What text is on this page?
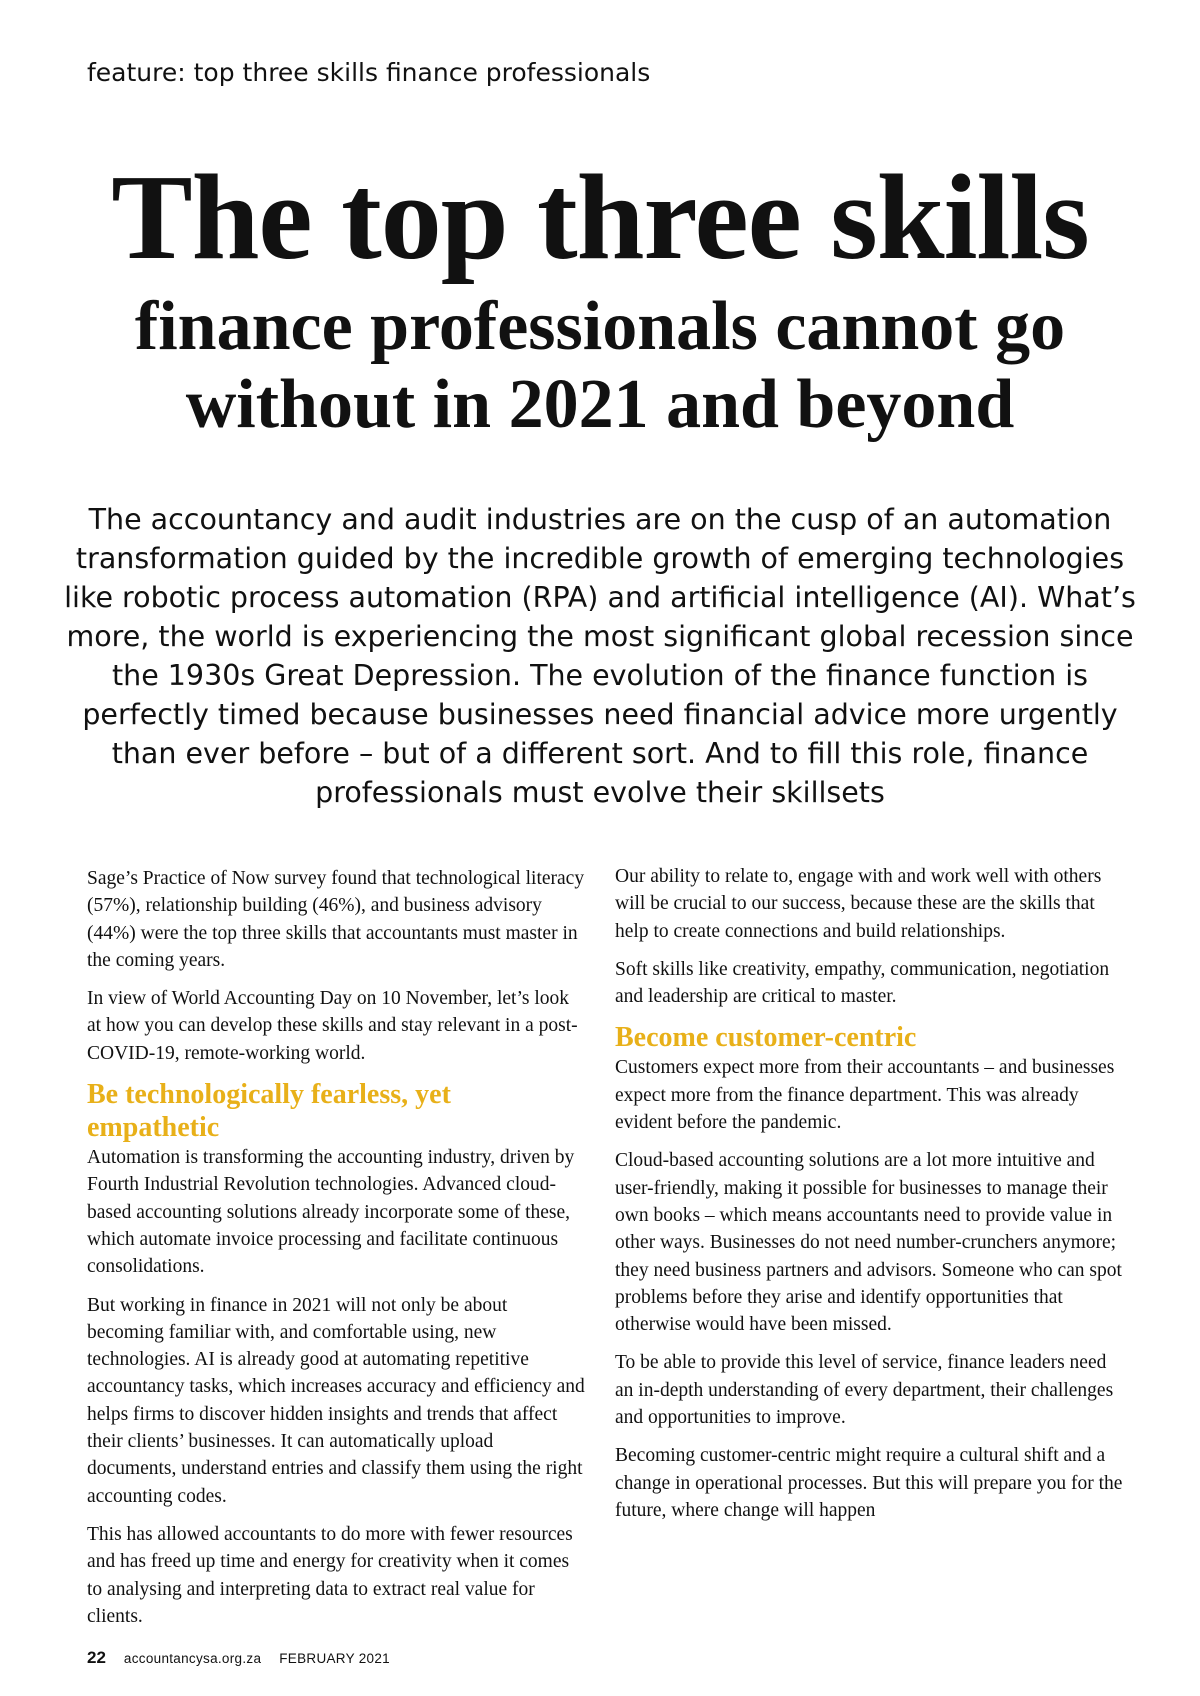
feature: top three skills finance professionals
The top three skills
finance professionals cannot go
without in 2021 and beyond

The accountancy and audit industries are on the cusp of an automation transformation guided by the incredible growth of emerging technologies like robotic process automation (RPA) and artificial intelligence (AI). What’s more, the world is experiencing the most significant global recession since the 1930s Great Depression. The evolution of the finance function is perfectly timed because businesses need financial advice more urgently than ever before – but of a different sort. And to fill this role, finance professionals must evolve their skillsets

Sage’s Practice of Now survey found that technological literacy (57%), relationship building (46%), and business advisory (44%) were the top three skills that accountants must master in the coming years.

In view of World Accounting Day on 10 November, let’s look at how you can develop these skills and stay relevant in a post-COVID-19, remote-working world.

Be technologically fearless, yet empathetic

Automation is transforming the accounting industry, driven by Fourth Industrial Revolution technologies. Advanced cloud-based accounting solutions already incorporate some of these, which automate invoice processing and facilitate continuous consolidations.

But working in finance in 2021 will not only be about becoming familiar with, and comfortable using, new technologies. AI is already good at automating repetitive accountancy tasks, which increases accuracy and efficiency and helps firms to discover hidden insights and trends that affect their clients’ businesses. It can automatically upload documents, understand entries and classify them using the right accounting codes.

This has allowed accountants to do more with fewer resources and has freed up time and energy for creativity when it comes to analysing and interpreting data to extract real value for clients.

Our ability to relate to, engage with and work well with others will be crucial to our success, because these are the skills that help to create connections and build relationships.

Soft skills like creativity, empathy, communication, negotiation and leadership are critical to master.

Become customer-centric

Customers expect more from their accountants – and businesses expect more from the finance department. This was already evident before the pandemic.

Cloud-based accounting solutions are a lot more intuitive and user-friendly, making it possible for businesses to manage their own books – which means accountants need to provide value in other ways. Businesses do not need number-crunchers anymore; they need business partners and advisors. Someone who can spot problems before they arise and identify opportunities that otherwise would have been missed.

To be able to provide this level of service, finance leaders need an in-depth understanding of every department, their challenges and opportunities to improve.

Becoming customer-centric might require a cultural shift and a change in operational processes. But this will prepare you for the future, where change will happen

22 accountancysa.org.za FEBRUARY 2021
